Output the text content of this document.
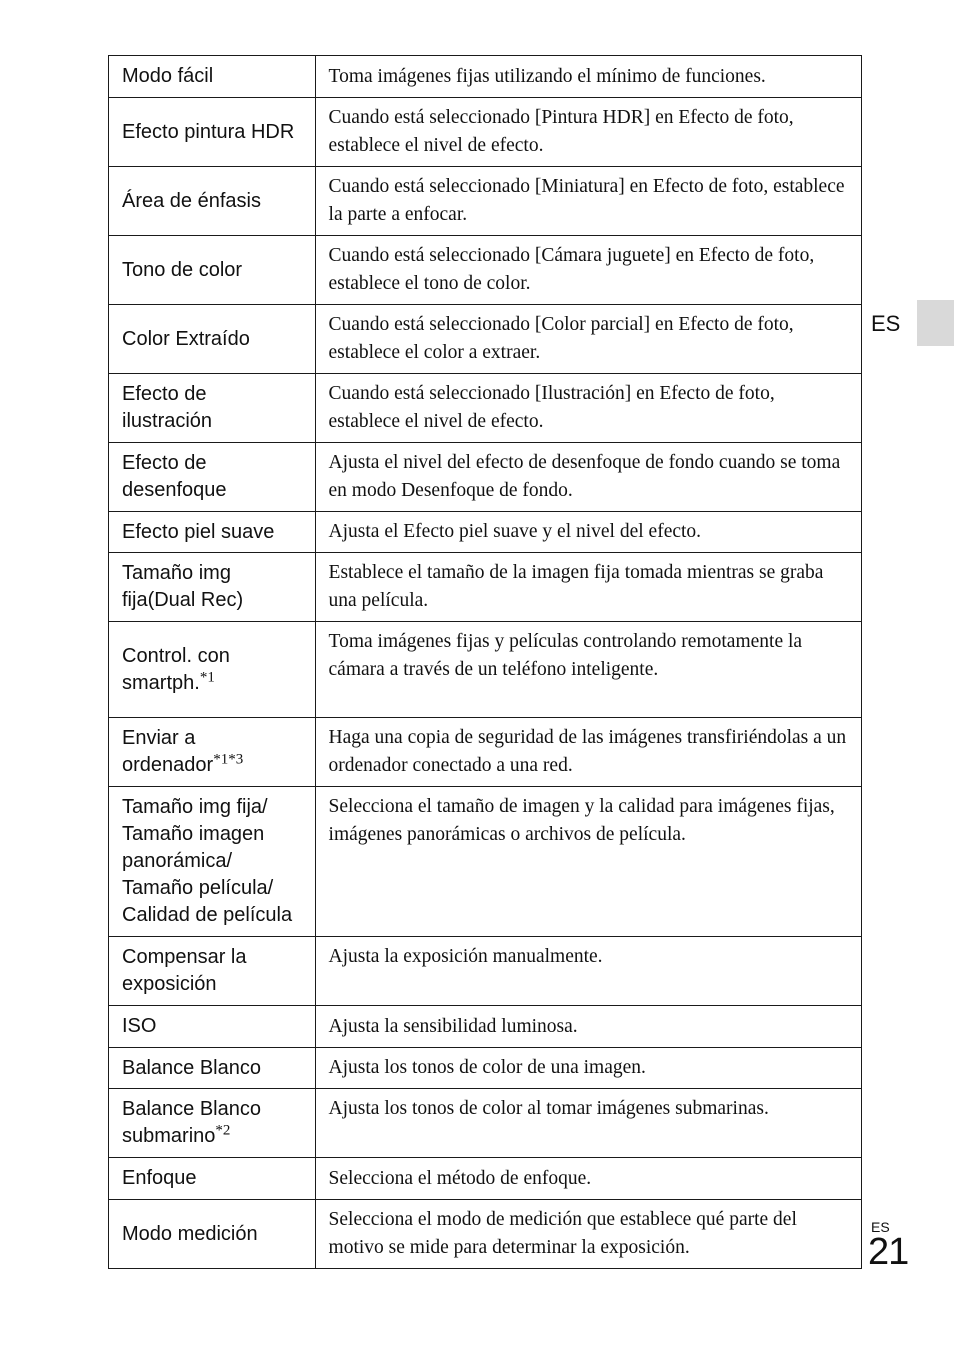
Modo fácil	Toma imágenes fijas utilizando el mínimo de funciones.
Efecto pintura HDR	Cuando está seleccionado [Pintura HDR] en Efecto de foto, establece el nivel de efecto.
Área de énfasis	Cuando está seleccionado [Miniatura] en Efecto de foto, establece la parte a enfocar.
Tono de color	Cuando está seleccionado [Cámara juguete] en Efecto de foto, establece el tono de color.
Color Extraído	Cuando está seleccionado [Color parcial] en Efecto de foto, establece el color a extraer.
Efecto de ilustración	Cuando está seleccionado [Ilustración] en Efecto de foto, establece el nivel de efecto.
Efecto de desenfoque	Ajusta el nivel del efecto de desenfoque de fondo cuando se toma en modo Desenfoque de fondo.
Efecto piel suave	Ajusta el Efecto piel suave y el nivel del efecto.
Tamaño img fija(Dual Rec)	Establece el tamaño de la imagen fija tomada mientras se graba una película.
Control. con smartph.$^{*1}$	Toma imágenes fijas y películas controlando remotamente la cámara a través de un teléfono inteligente.
Enviar a ordenador$^{*1*3}$	Haga una copia de seguridad de las imágenes transfiriéndolas a un ordenador conectado a una red.
Tamaño img fija/ Tamaño imagen panorámica/ Tamaño película/ Calidad de película	Selecciona el tamaño de imagen y la calidad para imágenes fijas, imágenes panorámicas o archivos de película.
Compensar la exposición	Ajusta la exposición manualmente.
ISO	Ajusta la sensibilidad luminosa.
Balance Blanco	Ajusta los tonos de color de una imagen.
Balance Blanco submarino$^{*2}$	Ajusta los tonos de color al tomar imágenes submarinas.
Enfoque	Selecciona el método de enfoque.
Modo medición	Selecciona el modo de medición que establece qué parte del motivo se mide para determinar la exposición.
ES
ES
21
